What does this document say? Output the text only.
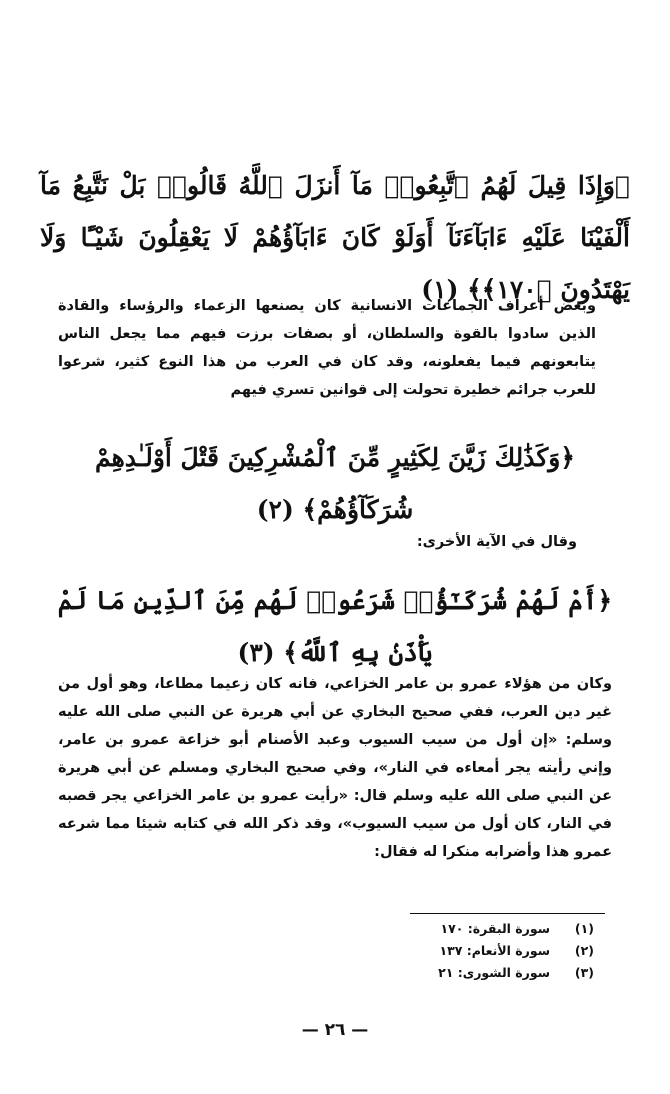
﴿وَإِذَا قِيلَ لَهُمُ ٱتَّبِعُوا۟ مَآ أَنزَلَ ٱللَّهُ قَالُوا۟ بَلْ نَتَّبِعُ مَآ أَلْفَيْنَا عَلَيْهِ ءَابَآءَنَآ أَوَلَوْ كَانَ ءَابَآؤُهُمْ لَا يَعْقِلُونَ شَيْـًٔا وَلَا يَهْتَدُونَ ﴿١٧٠﴾﴾ (١)
وبعض أعراف الجماعات الانسانية كان يصنعها الزعماء والرؤساء والقادة الذين سادوا بالقوة والسلطان، أو بصفات برزت فيهم مما يجعل الناس يتابعونهم فيما يفعلونه، وقد كان في العرب من هذا النوع كثير، شرعوا للعرب جرائم خطيرة تحولت إلى قوانين تسري فيهم
﴿وَكَذَٰلِكَ زَيَّنَ لِكَثِيرٍ مِّنَ ٱلْمُشْرِكِينَ قَتْلَ أَوْلَـٰدِهِمْ شُرَكَآؤُهُمْ﴾ (٢)
وقال في الآية الأخرى:
﴿أَمْ لَهُمْ شُرَكَـٰٓؤُا۟ شَرَعُوا۟ لَهُم مِّنَ ٱلدِّينِ مَا لَمْ يَأْذَنۢ بِهِ ٱللَّهُ﴾ (٣)
وكان من هؤلاء عمرو بن عامر الخزاعي، فانه كان زعيما مطاعا، وهو أول من غير دين العرب، ففي صحيح البخاري عن أبي هريرة عن النبي صلى الله عليه وسلم: «إن أول من سيب السيوب وعبد الأصنام أبو خزاعة عمرو بن عامر، وإني رأيته يجر أمعاءه في النار»، وفي صحيح البخاري ومسلم عن أبي هريرة عن النبي صلى الله عليه وسلم قال: «رأيت عمرو بن عامر الخزاعي يجر قصبه في النار، كان أول من سيب السيوب»، وقد ذكر الله في كتابه شيئا مما شرعه عمرو هذا وأضرابه منكرا له فقال:
(١)
سورة البقرة: ١٧٠
(٢)
سورة الأنعام: ١٣٧
(٣)
سورة الشورى: ٢١
— ٢٦ —
